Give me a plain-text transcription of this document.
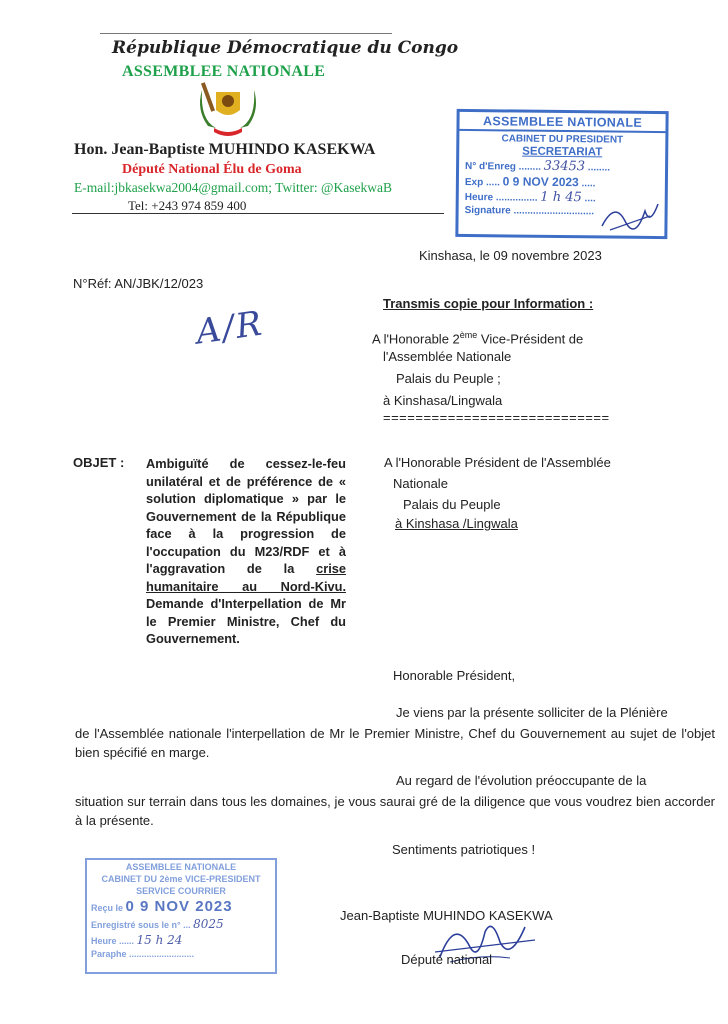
République Démocratique du Congo
ASSEMBLEE NATIONALE
Hon. Jean-Baptiste MUHINDO KASEKWA
Député National Élu de Goma
E-mail:jbkasekwa2004@gmail.com; Twitter: @KasekwaB
Tel: +243 974 859 400
ASSEMBLEE NATIONALE
CABINET DU PRESIDENT
SECRETARIAT
N° d'Enreg ........ 33453 ........
Exp ..... 0 9 NOV 2023 .....
Heure ............... 1 h 45 ....
Signature .............................
Kinshasa, le 09 novembre 2023
N°Réf: AN/JBK/12/023
A/R	Transmis copie pour Information :
A l'Honorable 2ème Vice-Président de
l'Assemblée Nationale
Palais du Peuple ;
à Kinshasa/Lingwala
============================
OBJET : Ambiguïté de cessez-le-feu unilatéral et de préférence de « solution diplomatique » par le Gouvernement de la République face à la progression de l'occupation du M23/RDF et à l'aggravation de la crise humanitaire au Nord-Kivu. Demande d'Interpellation de Mr le Premier Ministre, Chef du Gouvernement.
A l'Honorable Président de l'Assemblée
Nationale
Palais du Peuple
à Kinshasa /Lingwala
Honorable Président,
Je viens par la présente solliciter de la Plénière
de l'Assemblée nationale l'interpellation de Mr le Premier Ministre, Chef du Gouvernement au sujet de l'objet bien spécifié en marge.
Au regard de l'évolution préoccupante de la
situation sur terrain dans tous les domaines, je vous saurai gré de la diligence que vous voudrez bien accorder à la présente.
Sentiments patriotiques !
ASSEMBLEE NATIONALE
CABINET DU 2ème VICE-PRESIDENT
SERVICE COURRIER
Reçu le 0 9 NOV 2023
Enregistré sous le n° ... 8025
Heure ...... 15 h 24
Paraphe ..........................
Jean-Baptiste MUHINDO KASEKWA
Député national
